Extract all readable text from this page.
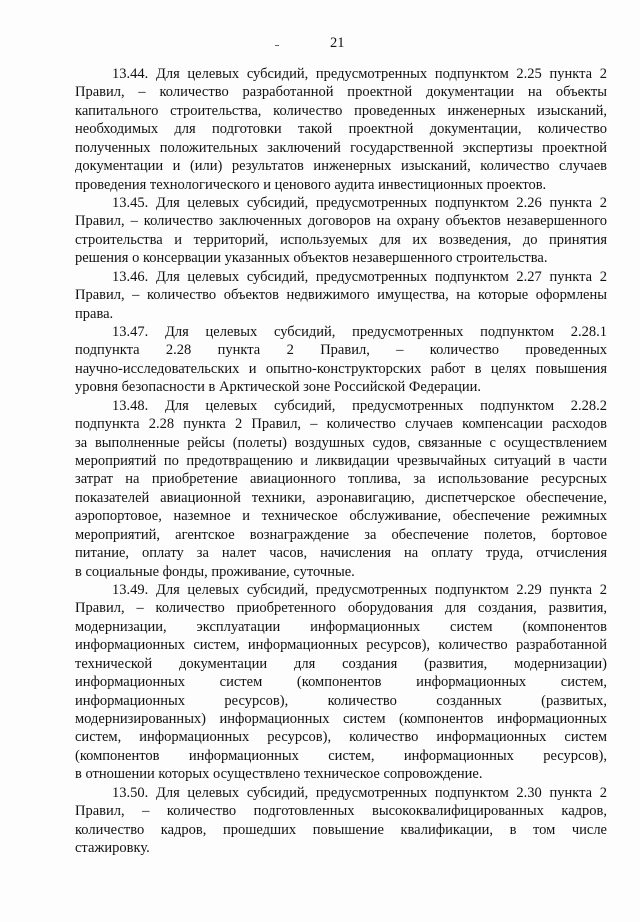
21
13.44. Для целевых субсидий, предусмотренных подпунктом 2.25 пункта 2
Правил, – количество разработанной проектной документации на объекты
капитального строительства, количество проведенных инженерных изысканий,
необходимых для подготовки такой проектной документации, количество
полученных положительных заключений государственной экспертизы проектной
документации и (или) результатов инженерных изысканий, количество случаев
проведения технологического и ценового аудита инвестиционных проектов.
13.45. Для целевых субсидий, предусмотренных подпунктом 2.26 пункта 2
Правил, – количество заключенных договоров на охрану объектов незавершенного
строительства и территорий, используемых для их возведения, до принятия
решения о консервации указанных объектов незавершенного строительства.
13.46. Для целевых субсидий, предусмотренных подпунктом 2.27 пункта 2
Правил, – количество объектов недвижимого имущества, на которые оформлены
права.
13.47. Для целевых субсидий, предусмотренных подпунктом 2.28.1
подпункта 2.28 пункта 2 Правил, – количество проведенных
научно-исследовательских и опытно-конструкторских работ в целях повышения
уровня безопасности в Арктической зоне Российской Федерации.
13.48. Для целевых субсидий, предусмотренных подпунктом 2.28.2
подпункта 2.28 пункта 2 Правил, – количество случаев компенсации расходов
за выполненные рейсы (полеты) воздушных судов, связанные с осуществлением
мероприятий по предотвращению и ликвидации чрезвычайных ситуаций в части
затрат на приобретение авиационного топлива, за использование ресурсных
показателей авиационной техники, аэронавигацию, диспетчерское обеспечение,
аэропортовое, наземное и техническое обслуживание, обеспечение режимных
мероприятий, агентское вознаграждение за обеспечение полетов, бортовое
питание, оплату за налет часов, начисления на оплату труда, отчисления
в социальные фонды, проживание, суточные.
13.49. Для целевых субсидий, предусмотренных подпунктом 2.29 пункта 2
Правил, – количество приобретенного оборудования для создания, развития,
модернизации, эксплуатации информационных систем (компонентов
информационных систем, информационных ресурсов), количество разработанной
технической документации для создания (развития, модернизации)
информационных систем (компонентов информационных систем,
информационных ресурсов), количество созданных (развитых,
модернизированных) информационных систем (компонентов информационных
систем, информационных ресурсов), количество информационных систем
(компонентов информационных систем, информационных ресурсов),
в отношении которых осуществлено техническое сопровождение.
13.50. Для целевых субсидий, предусмотренных подпунктом 2.30 пункта 2
Правил, – количество подготовленных высококвалифицированных кадров,
количество кадров, прошедших повышение квалификации, в том числе
стажировку.
